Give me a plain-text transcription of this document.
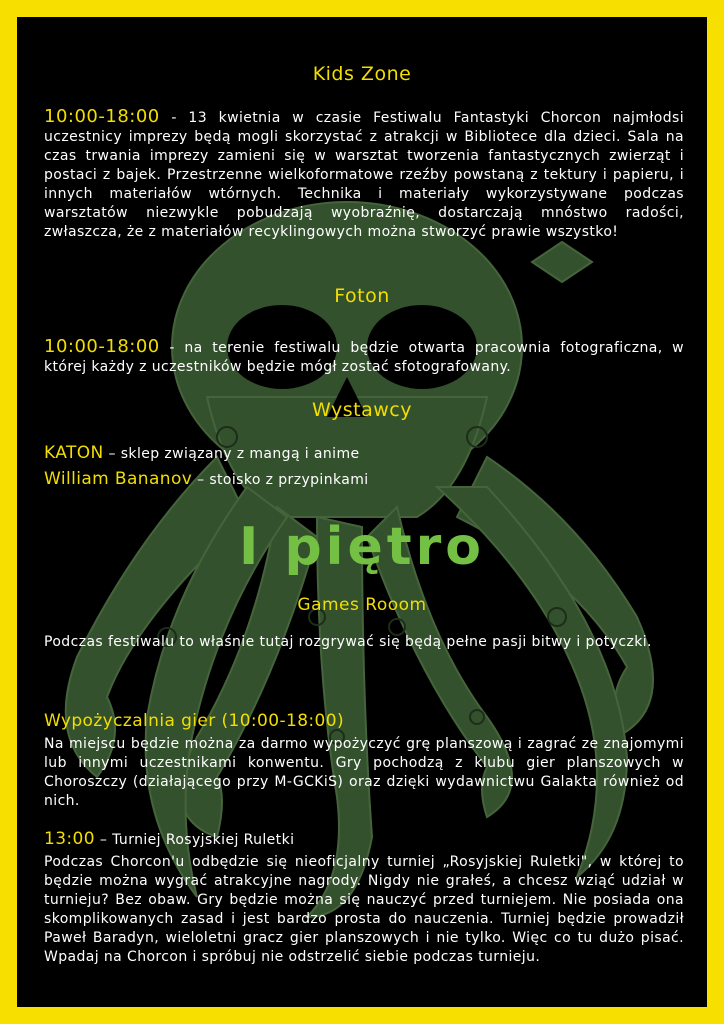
Kids Zone
10:00-18:00 - 13 kwietnia w czasie Festiwalu Fantastyki Chorcon najmłodsi uczestnicy imprezy będą mogli skorzystać z atrakcji w Bibliotece dla dzieci. Sala na czas trwania imprezy zamieni się w warsztat tworzenia fantastycznych zwierząt i postaci z bajek. Przestrzenne wielkoformatowe rzeźby powstaną z tektury i papieru, i innych materiałów wtórnych. Technika i materiały wykorzystywane podczas warsztatów niezwykle pobudzają wyobraźnię, dostarczają mnóstwo radości, zwłaszcza, że z materiałów recyklingowych można stworzyć prawie wszystko!
Foton
10:00-18:00 - na terenie festiwalu będzie otwarta pracownia fotograficzna, w której każdy z uczestników będzie mógł zostać sfotografowany.
Wystawcy
KATON – sklep związany z mangą i anime
William Bananov – stoisko z przypinkami
I piętro
Games Rooom
Podczas festiwalu to właśnie tutaj rozgrywać się będą pełne pasji bitwy i potyczki.
Wypożyczalnia gier (10:00-18:00)
Na miejscu będzie można za darmo wypożyczyć grę planszową i zagrać ze znajomymi lub innymi uczestnikami konwentu. Gry pochodzą z klubu gier planszowych w Choroszczy (działającego przy M-GCKiS) oraz dzięki wydawnictwu Galakta również od nich.
13:00 – Turniej Rosyjskiej Ruletki
Podczas Chorcon'u odbędzie się nieoficjalny turniej „Rosyjskiej Ruletki", w której to będzie można wygrać atrakcyjne nagrody. Nigdy nie grałeś, a chcesz wziąć udział w turnieju? Bez obaw. Gry będzie można się nauczyć przed turniejem. Nie posiada ona skomplikowanych zasad i jest bardzo prosta do nauczenia. Turniej będzie prowadził Paweł Baradyn, wieloletni gracz gier planszowych i nie tylko. Więc co tu dużo pisać. Wpadaj na Chorcon i spróbuj nie odstrzelić siebie podczas turnieju.
